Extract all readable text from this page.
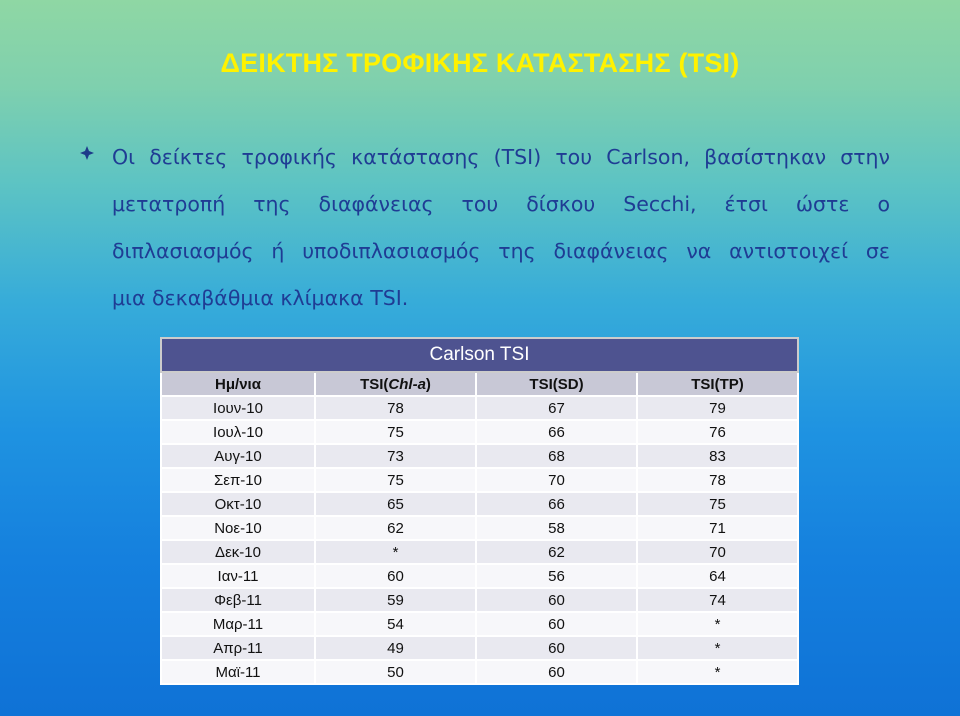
ΔΕΙΚΤΗΣ ΤΡΟΦΙΚΗΣ ΚΑΤΑΣΤΑΣΗΣ (TSI)
Οι δείκτες τροφικής κατάστασης (TSI) του Carlson, βασίστηκαν στην
μετατροπή της διαφάνειας του δίσκου Secchi, έτσι ώστε ο
διπλασιασμός ή υποδιπλασιασμός της διαφάνειας να αντιστοιχεί σε
μια δεκαβάθμια κλίμακα TSI.
Carlson TSI			
Ημ/νια	TSI(Chl-a)	TSI(SD)	TSI(TP)
Ιουν-10	78	67	79
Ιουλ-10	75	66	76
Αυγ-10	73	68	83
Σεπ-10	75	70	78
Οκτ-10	65	66	75
Νοε-10	62	58	71
Δεκ-10	*	62	70
Ιαν-11	60	56	64
Φεβ-11	59	60	74
Μαρ-11	54	60	*
Απρ-11	49	60	*
Μαϊ-11	50	60	*
